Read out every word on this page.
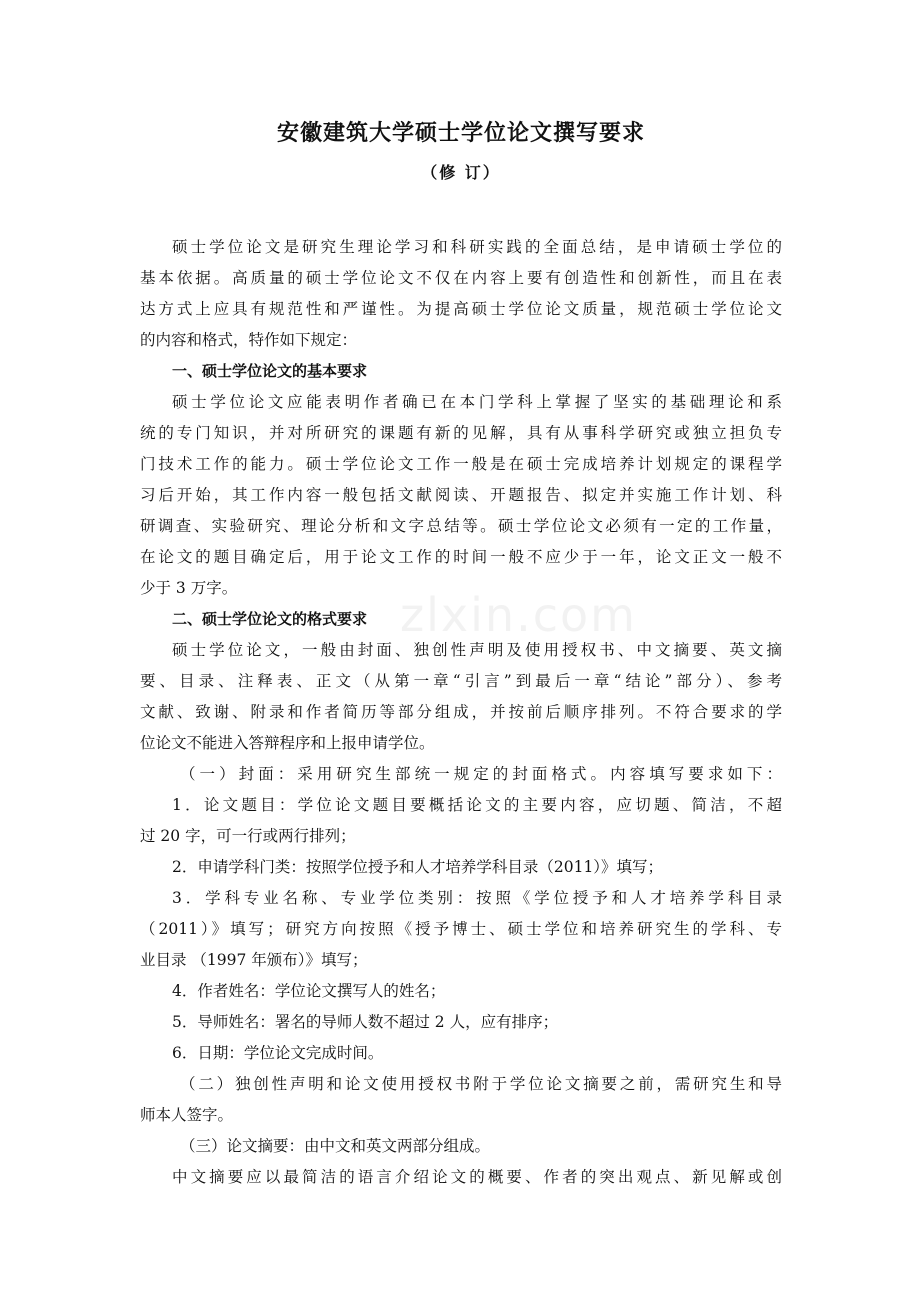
安徽建筑大学硕士学位论文撰写要求
（修 订）
硕士学位论文是研究生理论学习和科研实践的全面总结，是申请硕士学位的
基本依据。高质量的硕士学位论文不仅在内容上要有创造性和创新性，而且在表
达方式上应具有规范性和严谨性。为提高硕士学位论文质量，规范硕士学位论文
的内容和格式，特作如下规定：
一、硕士学位论文的基本要求
硕士学位论文应能表明作者确已在本门学科上掌握了坚实的基础理论和系
统的专门知识，并对所研究的课题有新的见解，具有从事科学研究或独立担负专
门技术工作的能力。硕士学位论文工作一般是在硕士完成培养计划规定的课程学
习后开始，其工作内容一般包括文献阅读、开题报告、拟定并实施工作计划、科
研调查、实验研究、理论分析和文字总结等。硕士学位论文必须有一定的工作量，
在论文的题目确定后，用于论文工作的时间一般不应少于一年，论文正文一般不
少于 3 万字。
二、硕士学位论文的格式要求
硕士学位论文，一般由封面、独创性声明及使用授权书、中文摘要、英文摘
要、目录、注释表、正文（从第一章“引言”到最后一章“结论”部分）、参考
文献、致谢、附录和作者简历等部分组成，并按前后顺序排列。不符合要求的学
位论文不能进入答辩程序和上报申请学位。
（一）封面：采用研究生部统一规定的封面格式。内容填写要求如下：
1．论文题目：学位论文题目要概括论文的主要内容，应切题、简洁，不超
过 20 字，可一行或两行排列；
2．申请学科门类：按照学位授予和人才培养学科目录（2011）》填写；
3．学科专业名称、专业学位类别：按照《学位授予和人才培养学科目录
（2011）》填写；研究方向按照《授予博士、硕士学位和培养研究生的学科、专
业目录 （1997 年颁布）》填写；
4．作者姓名：学位论文撰写人的姓名；
5．导师姓名：署名的导师人数不超过 2 人，应有排序；
6．日期：学位论文完成时间。
（二）独创性声明和论文使用授权书附于学位论文摘要之前，需研究生和导
师本人签字。
（三）论文摘要：由中文和英文两部分组成。
中文摘要应以最简洁的语言介绍论文的概要、作者的突出观点、新见解或创
zlxin.com
